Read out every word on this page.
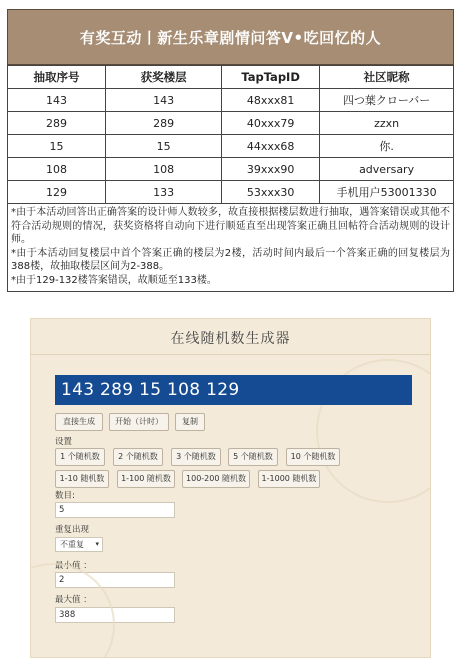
有奖互动丨新生乐章剧情问答Ⅴ•吃回忆的人
抽取序号	获奖楼层	TapTapID	社区昵称
143	143	48xxx81	四つ葉クローバー
289	289	40xxx79	zzxn
15	15	44xxx68	你.
108	108	39xxx90	adversary
129	133	53xxx30	手机用户53001330
*由于本活动回答出正确答案的设计师人数较多，故直接根据楼层数进行抽取，遇答案错误或其他不符合活动规则的情况，获奖资格将自动向下进行顺延直至出现答案正确且回帖符合活动规则的设计师。
*由于本活动回复楼层中首个答案正确的楼层为2楼，活动时间内最后一个答案正确的回复楼层为388楼，故抽取楼层区间为2-388。
*由于129-132楼答案错误，故顺延至133楼。
在线随机数生成器
143 289 15 108 129
直接生成	开始（计时）	复制
设置
1 个随机数	2 个随机数	3 个随机数	5 个随机数	10 个随机数
1-10 随机数	1-100 随机数	100-200 随机数	1-1000 随机数
数目:
5
重复出现
不重复 ▾
最小值 ：
2
最大值 ：
388
